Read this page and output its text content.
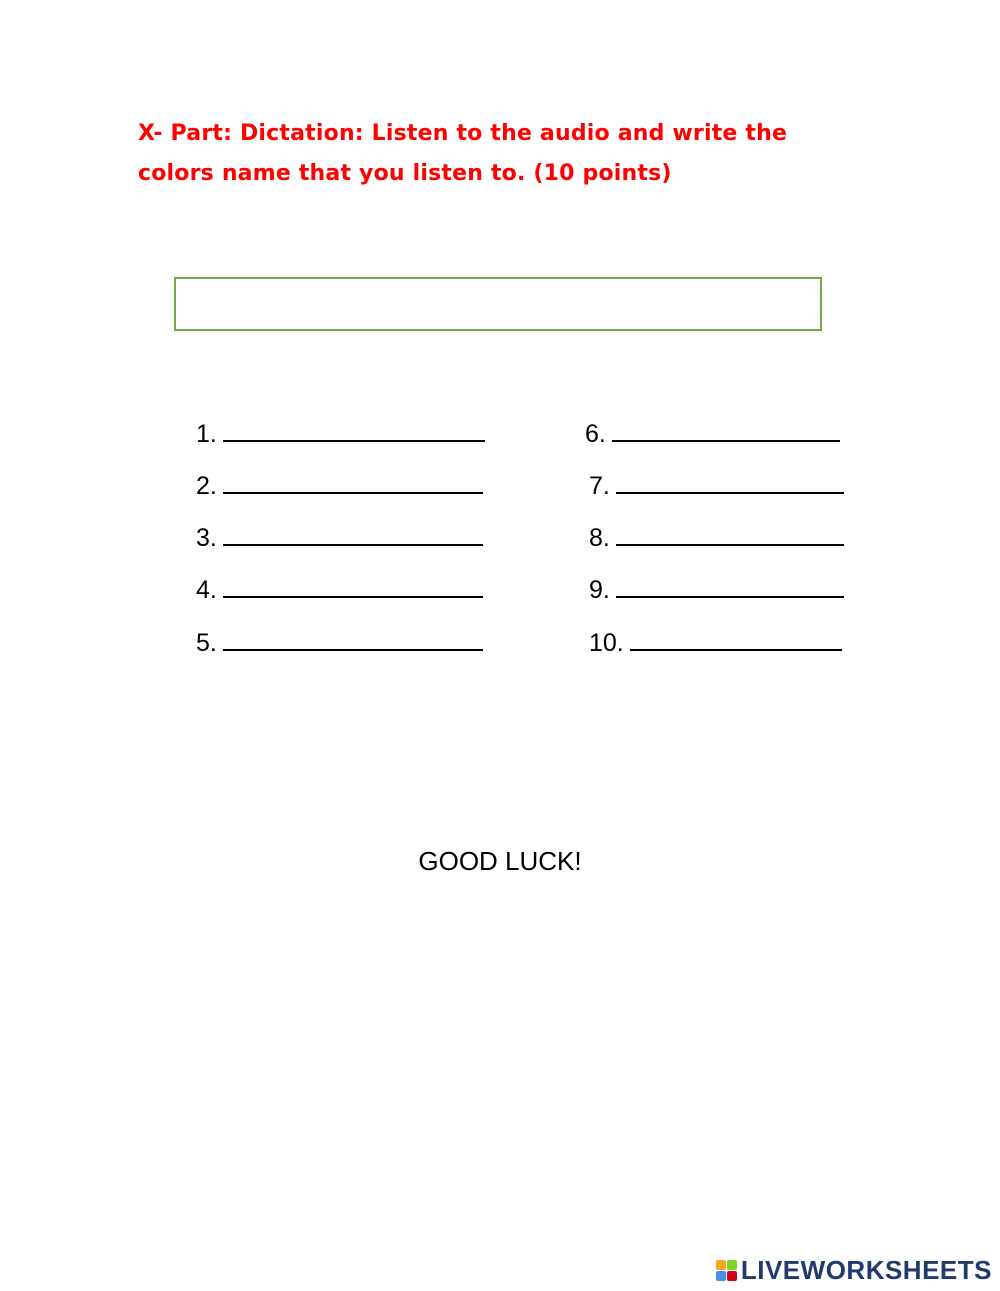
X- Part: Dictation: Listen to the audio and write the colors name that you listen to. (10 points)

1.
2.
3.
4.
5.
6.
7.
8.
9.
10.
GOOD LUCK!
LIVEWORKSHEETS
